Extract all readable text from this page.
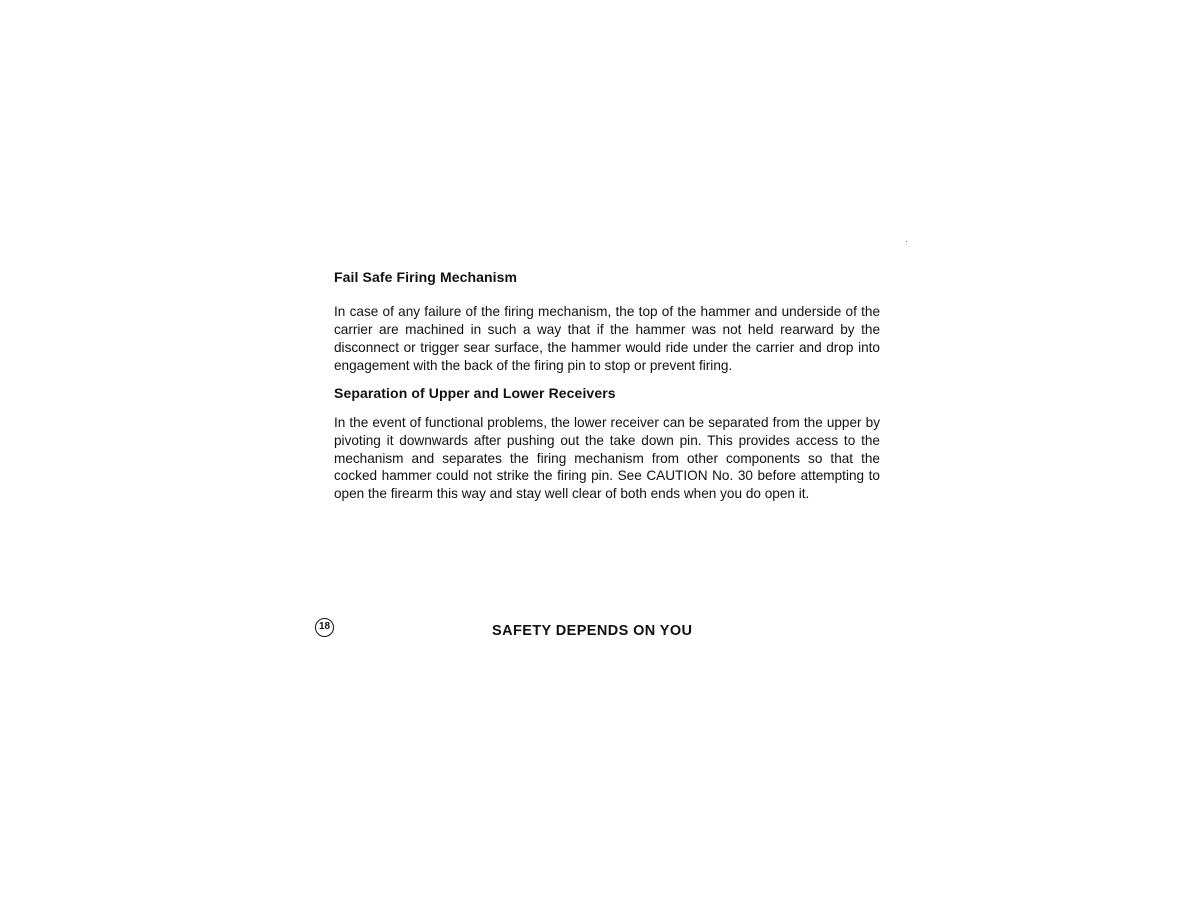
Fail Safe Firing Mechanism

In case of any failure of the firing mechanism, the top of the hammer and underside of the carrier are machined in such a way that if the hammer was not held rearward by the disconnect or trigger sear surface, the hammer would ride under the carrier and drop into engagement with the back of the firing pin to stop or prevent firing.

Separation of Upper and Lower Receivers

In the event of functional problems, the lower receiver can be separated from the upper by pivoting it downwards after pushing out the take down pin. This provides access to the mechanism and separates the firing mechanism from other components so that the cocked hammer could not strike the firing pin. See CAUTION No. 30 before attempting to open the firearm this way and stay well clear of both ends when you do open it.

18	SAFETY DEPENDS ON YOU
